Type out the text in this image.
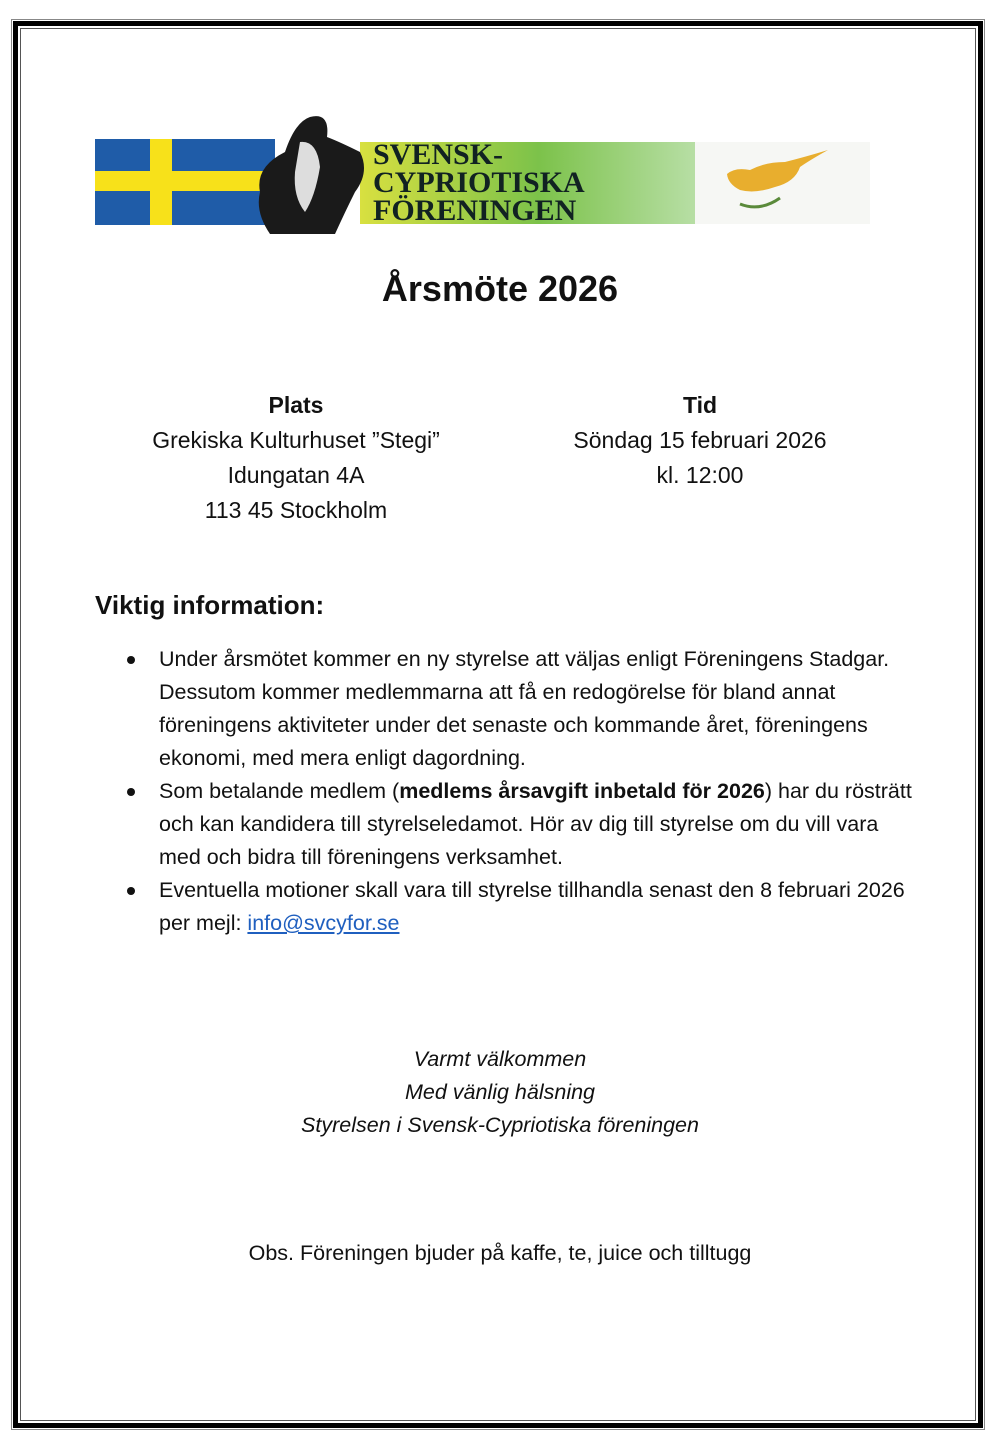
SVENSK-
CYPRIOTISKA
FÖRENINGEN
Årsmöte 2026
Plats
Grekiska Kulturhuset ”Stegi”
Idungatan 4A
113 45 Stockholm
Tid
Söndag 15 februari 2026
kl. 12:00
Viktig information:
Under årsmötet kommer en ny styrelse att väljas enligt Föreningens Stadgar. Dessutom kommer medlemmarna att få en redogörelse för bland annat föreningens aktiviteter under det senaste och kommande året, föreningens ekonomi, med mera enligt dagordning.
Som betalande medlem (medlems årsavgift inbetald för 2026) har du rösträtt och kan kandidera till styrelseledamot. Hör av dig till styrelse om du vill vara med och bidra till föreningens verksamhet.
Eventuella motioner skall vara till styrelse tillhandla senast den 8 februari 2026 per mejl: info@svcyfor.se
Varmt välkommen
Med vänlig hälsning
Styrelsen i Svensk-Cypriotiska föreningen
Obs. Föreningen bjuder på kaffe, te, juice och tilltugg
